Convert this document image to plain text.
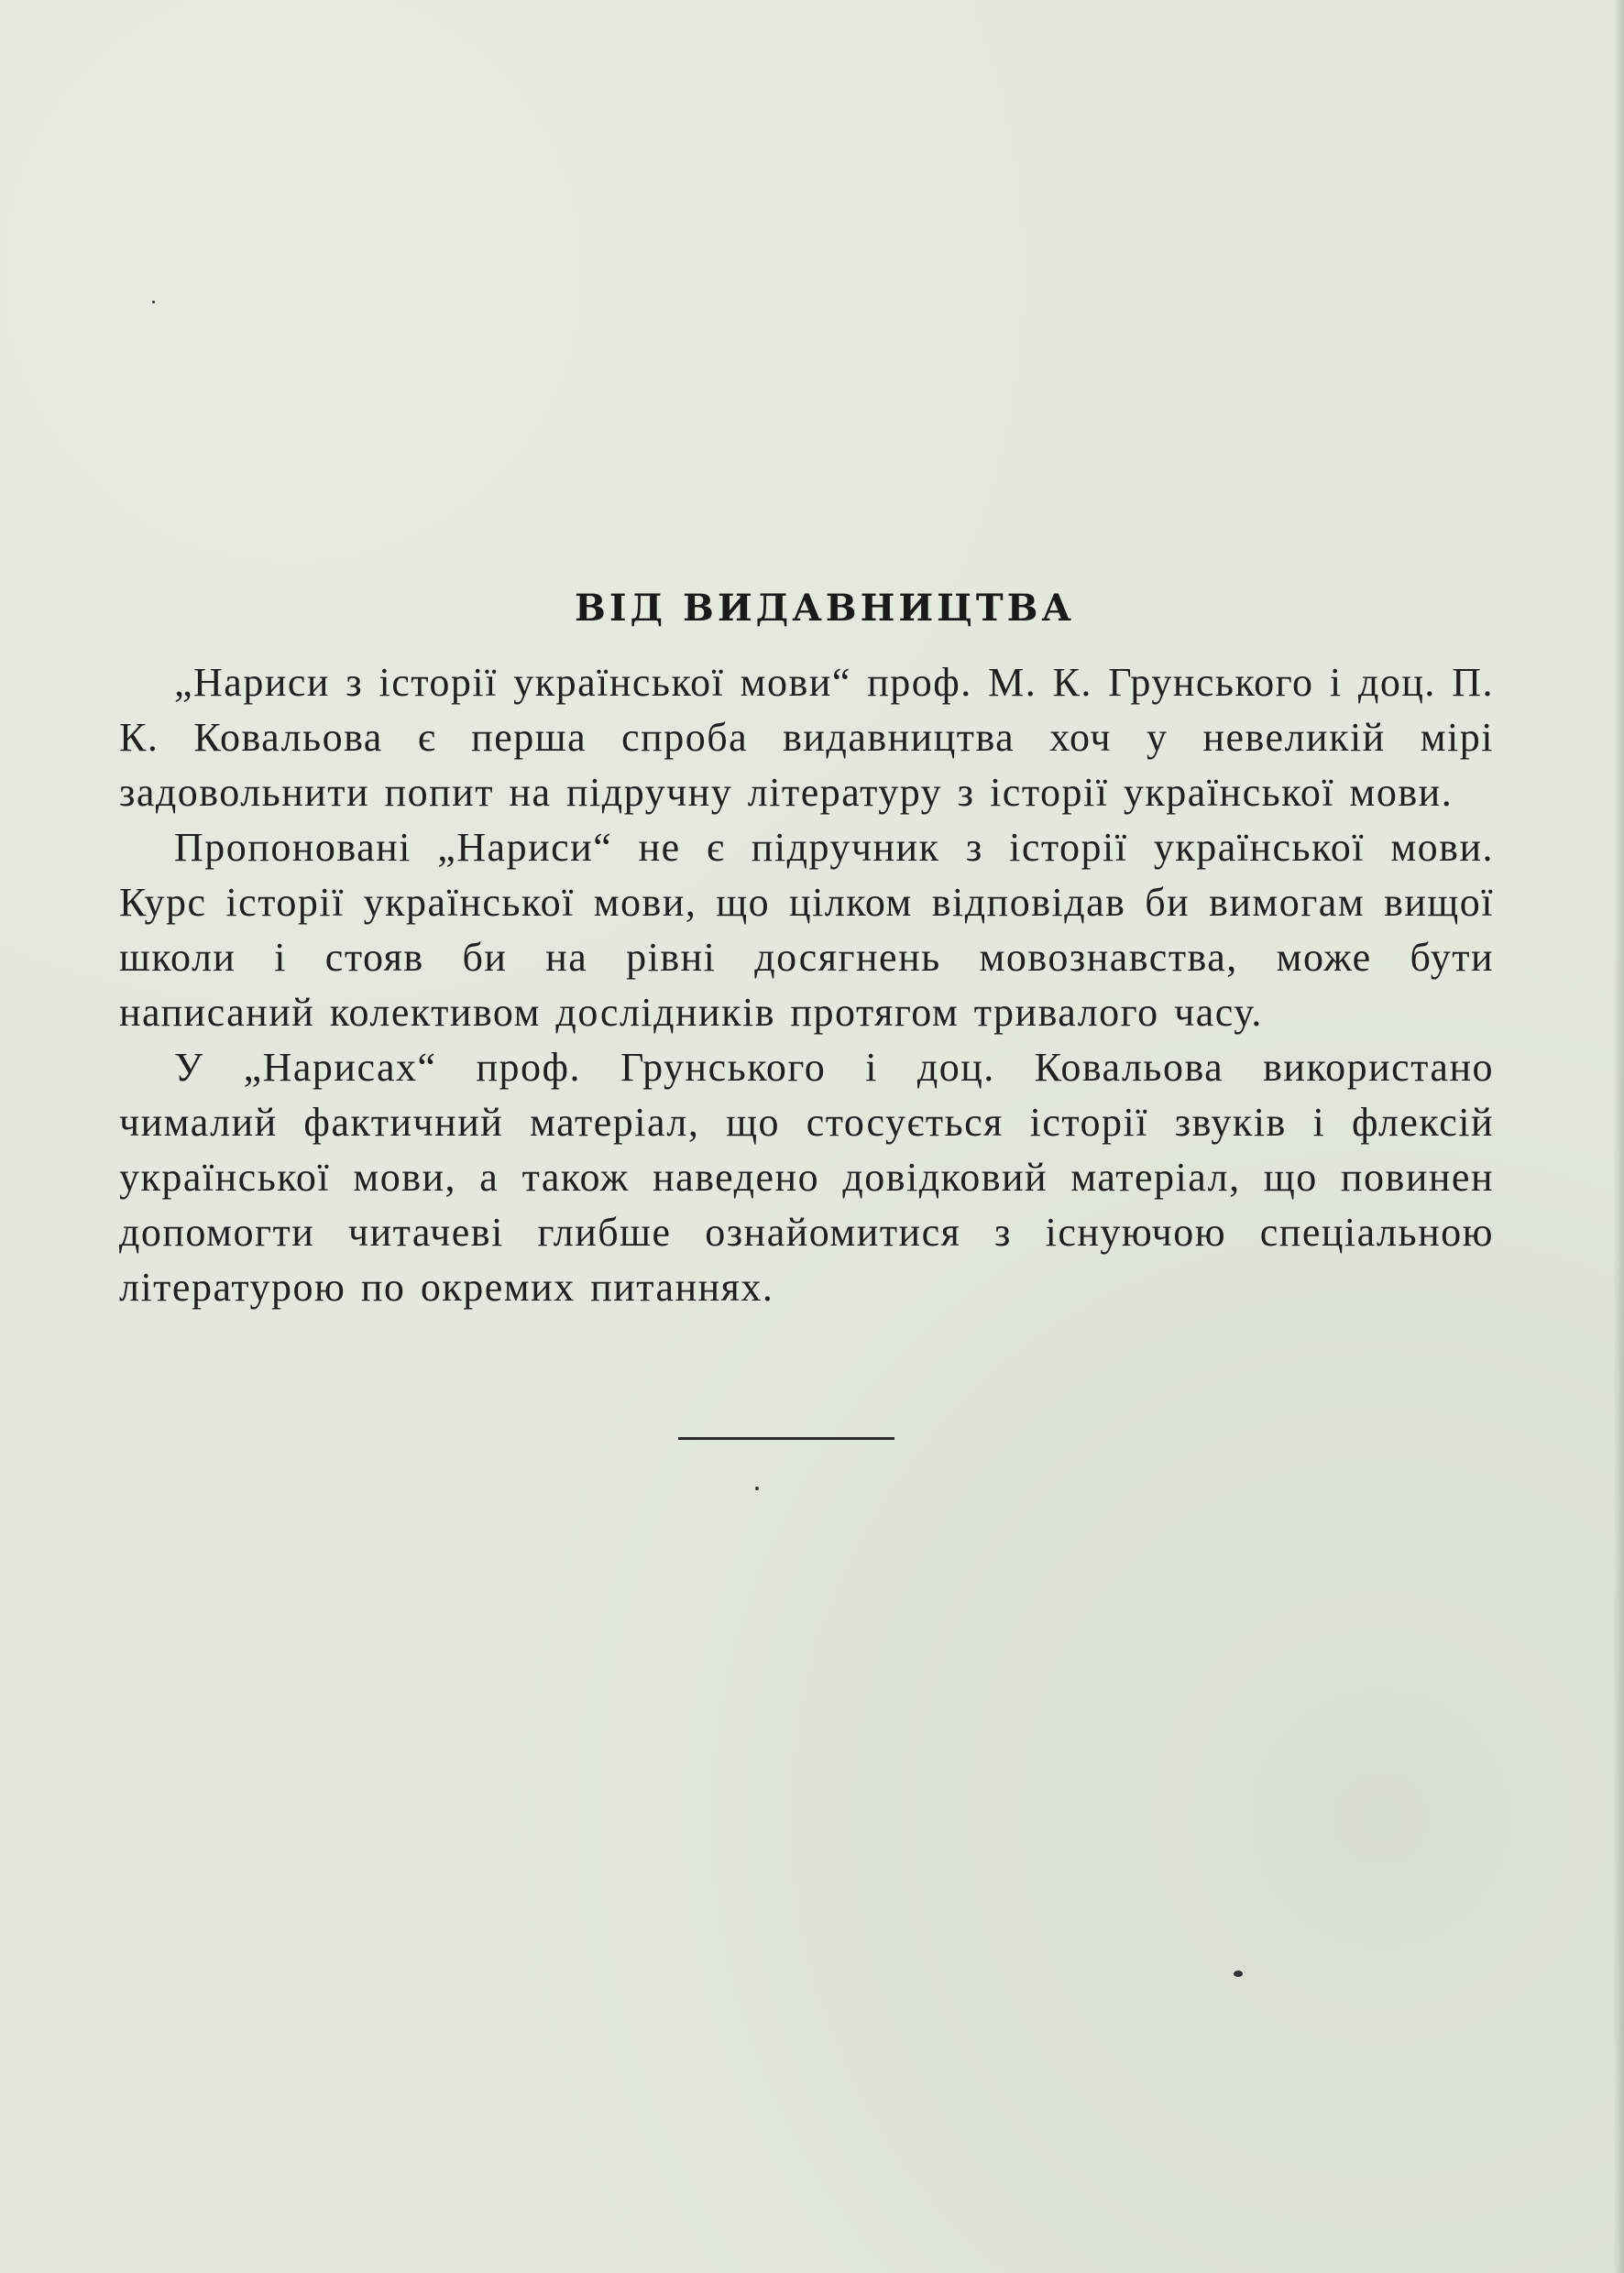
ВІД ВИДАВНИЦТВА

„Нариси з історії української мови“ проф. М. К. Грунського і доц. П. К. Ковальова є перша спроба видавництва хоч у невеликій мірі задовольнити попит на підручну літературу з історії української мови.

Пропоновані „Нариси“ не є підручник з історії української мови. Курс історії української мови, що цілком відповідав би вимогам вищої школи і стояв би на рівні досягнень мовознавства, може бути написаний колективом дослідників протягом тривалого часу.

У „Нарисах“ проф. Грунського і доц. Ковальова використано чималий фактичний матеріал, що стосується історії звуків і флексій української мови, а також наведено довідковий матеріал, що повинен допомогти читачеві глибше ознайомитися з існуючою спеціальною літературою по окремих питаннях.
